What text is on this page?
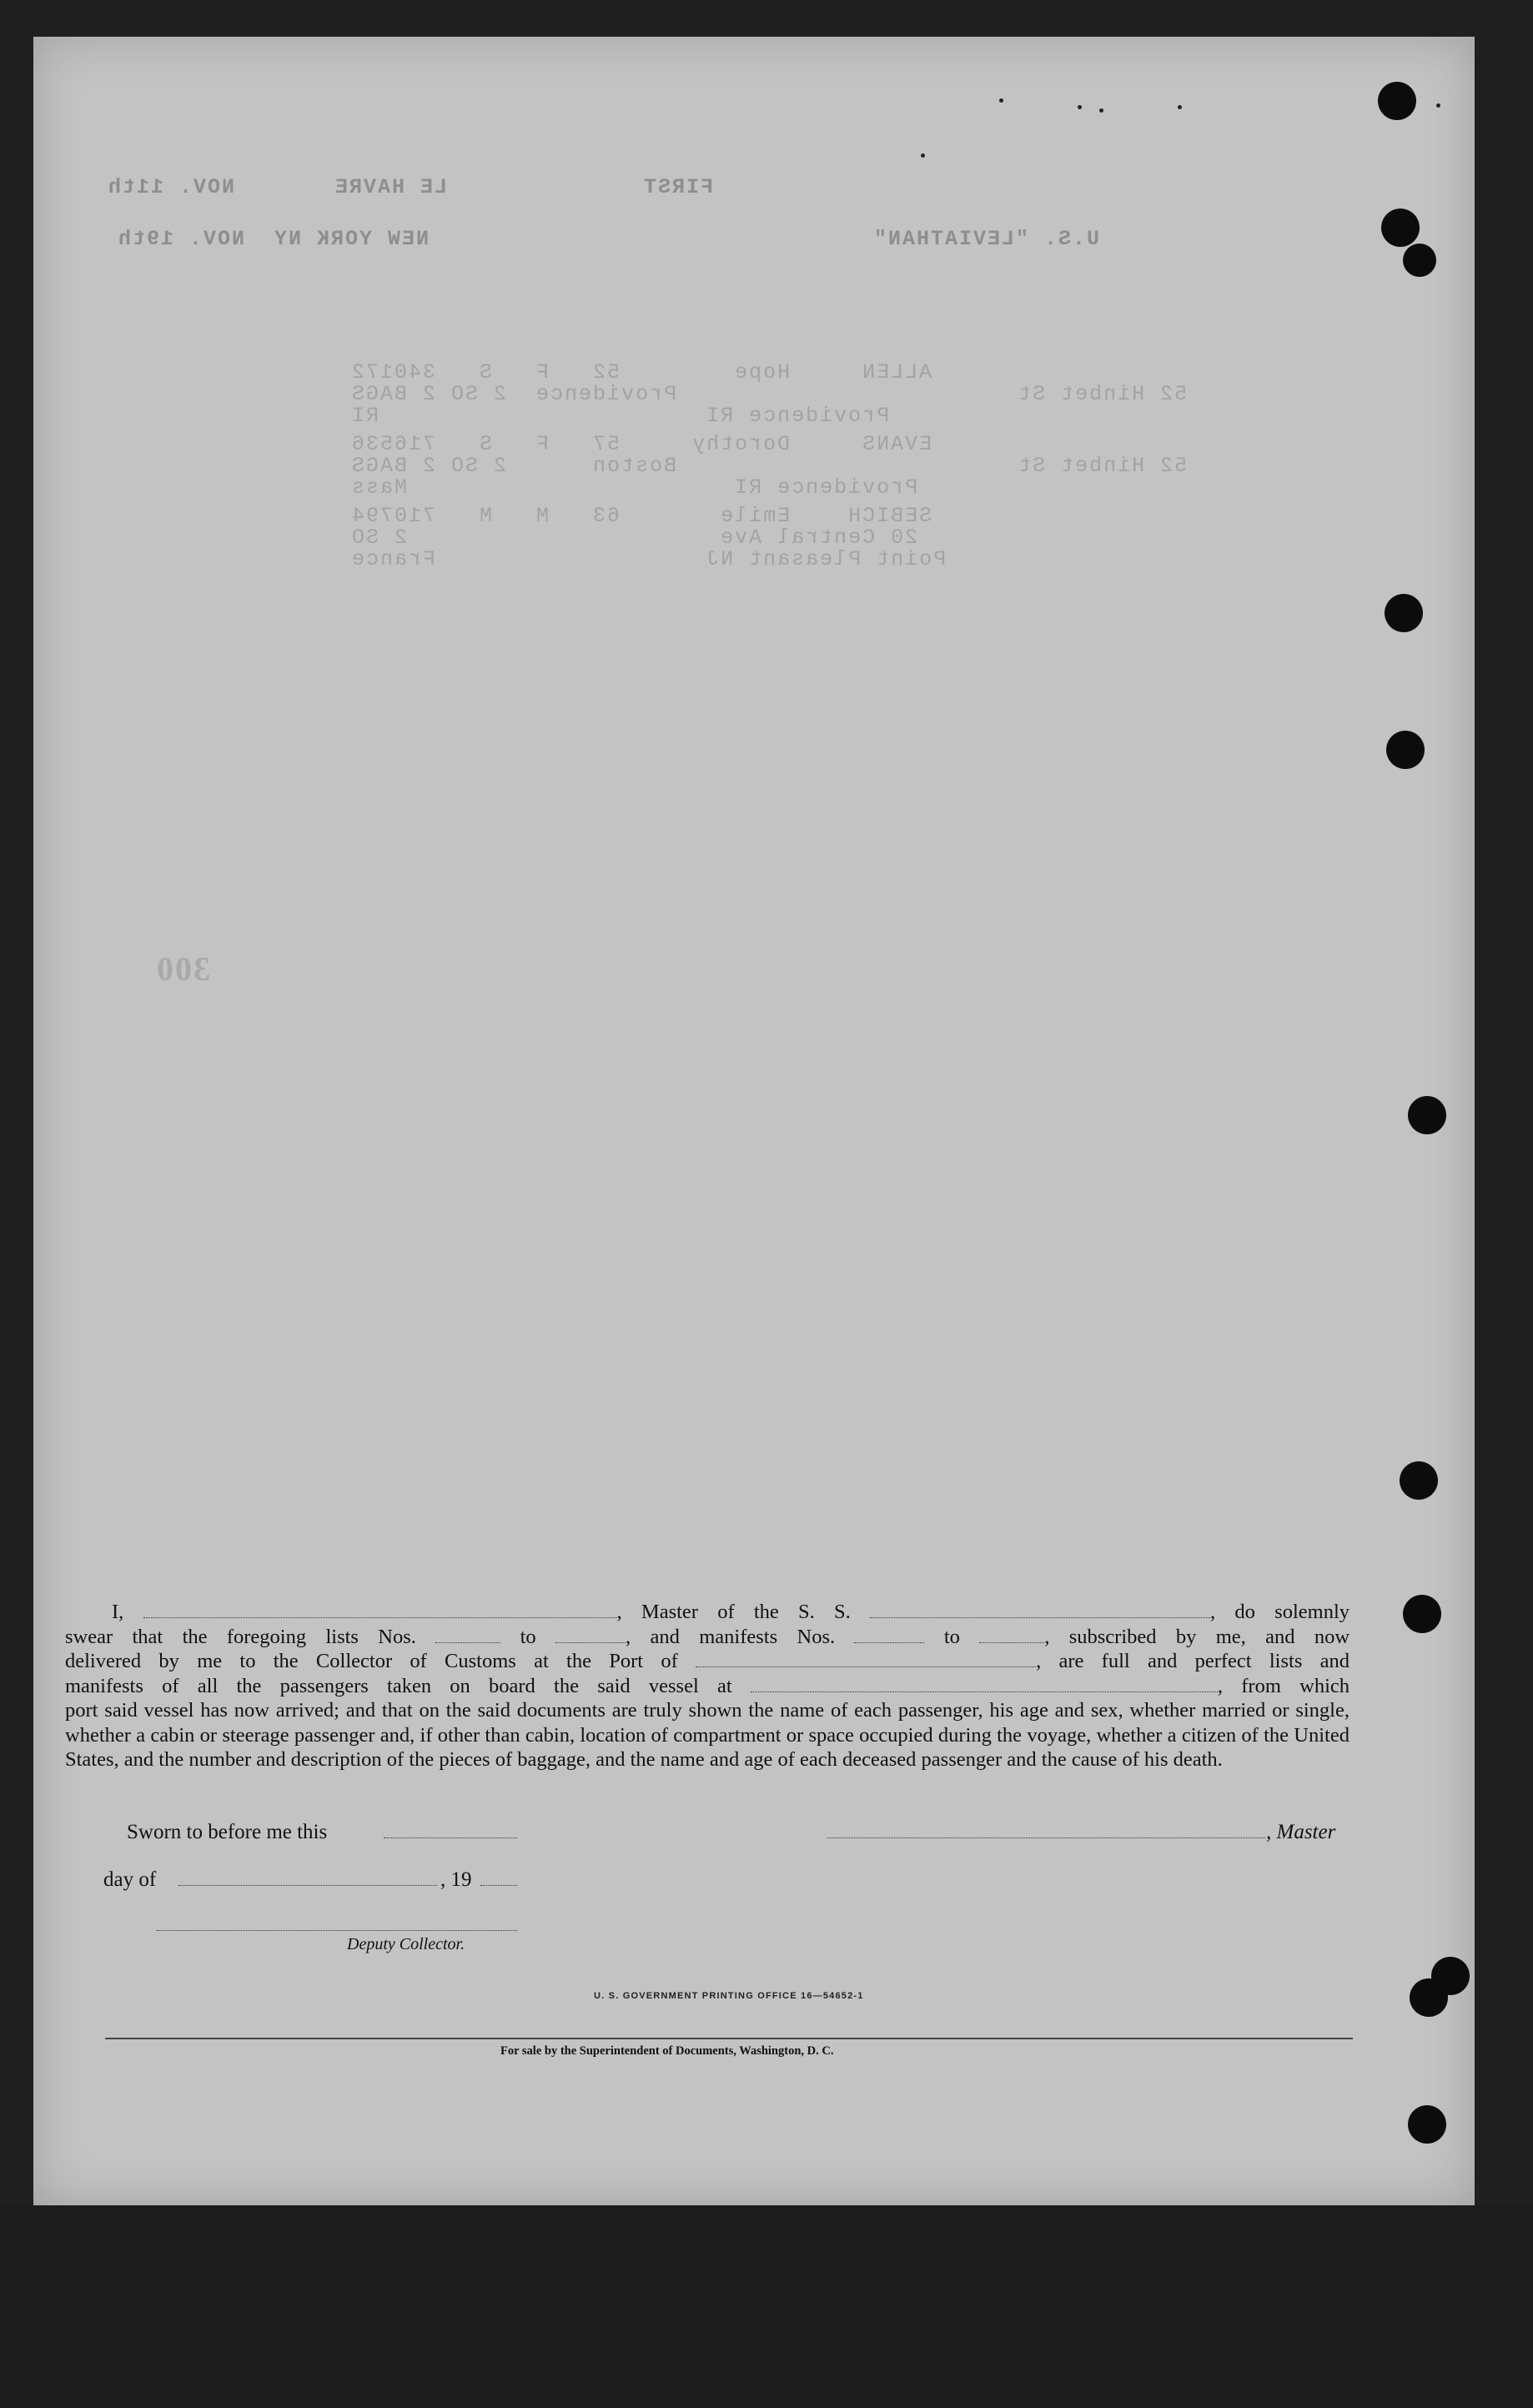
FIRST
LE HAVRE
NOV. 11th
U.S. "LEVIATHAN"
NEW YORK NY  NOV. 19th
ALLEN     Hope        52   F   S   340172
52 Hinbet St                        Providence  2 SO 2 BAGS
Providence RI                       RI
EVANS     Dorothy     57   F   S   716536
52 Hinbet St                        Boston      2 SO 2 BAGS
Providence RI                       Mass
SEBICH    Emile       63   M   M   710794
20 Central Ave                      2 SO
Point Pleasant NJ                   France
300

I,	, Master of the S. S.	, do solemnly

swear that the foregoing lists Nos.	to	, and manifests Nos.	to	, subscribed by me, and now

delivered by me to the Collector of Customs at the Port of	, are full and perfect lists and

manifests of all the passengers taken on board the said vessel at	, from which

port said vessel has now arrived; and that on the said documents are truly shown the name of each passenger, his age and sex, whether married or single, whether a cabin or steerage passenger and, if other than cabin, location of compartment or space occupied during the voyage, whether a citizen of the United States, and the number and description of the pieces of baggage, and the name and age of each deceased passenger and the cause of his death.

Sworn to before me this	, Master
day of	, 19
Deputy Collector.
U. S. GOVERNMENT PRINTING OFFICE 16—54652-1
For sale by the Superintendent of Documents, Washington, D. C.
